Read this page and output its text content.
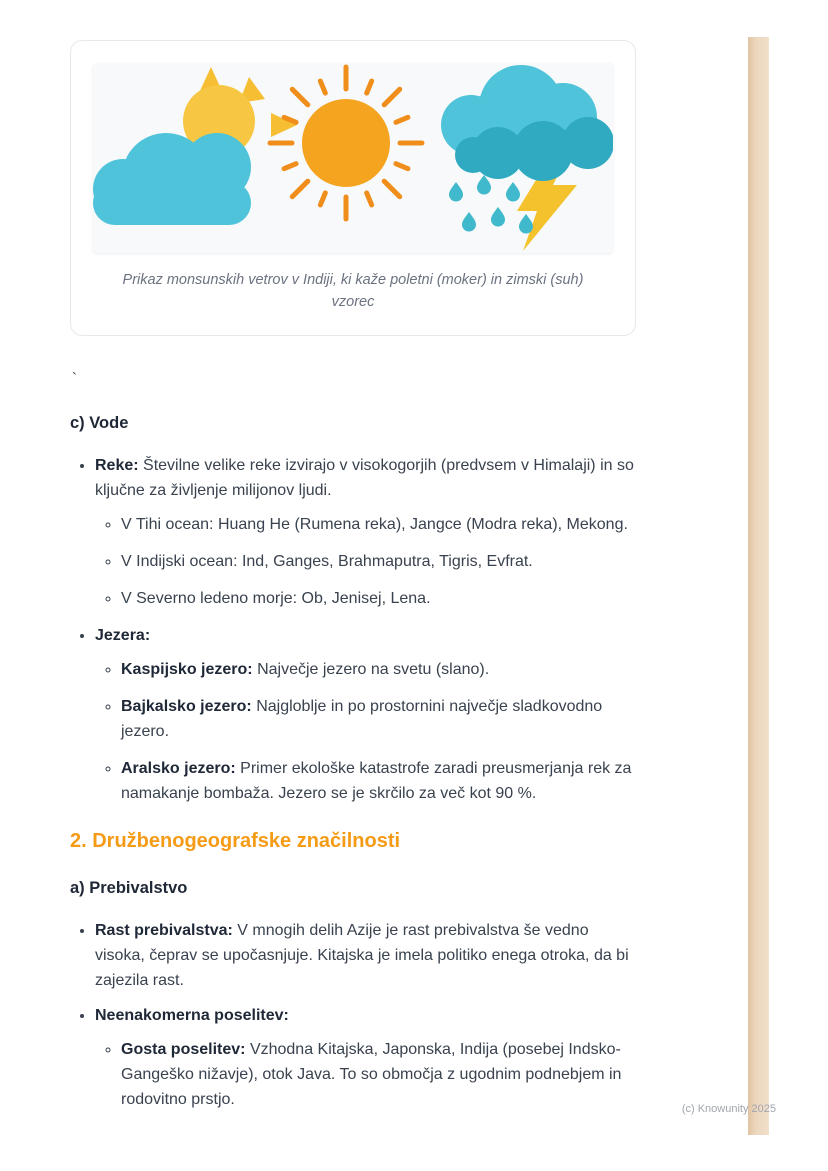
Prikaz monsunskih vetrov v Indiji, ki kaže poletni (moker) in zimski (suh) vzorec
`
c) Vode
• Reke: Številne velike reke izvirajo v visokogorjih (predvsem v Himalaji) in so ključne za življenje milijonov ljudi.
◦ V Tihi ocean: Huang He (Rumena reka), Jangce (Modra reka), Mekong.
◦ V Indijski ocean: Ind, Ganges, Brahmaputra, Tigris, Evfrat.
◦ V Severno ledeno morje: Ob, Jenisej, Lena.
• Jezera:
◦ Kaspijsko jezero: Največje jezero na svetu (slano).
◦ Bajkalsko jezero: Najgloblje in po prostornini največje sladkovodno jezero.
◦ Aralsko jezero: Primer ekološke katastrofe zaradi preusmerjanja rek za namakanje bombaža. Jezero se je skrčilo za več kot 90 %.
2. Družbenogeografske značilnosti
a) Prebivalstvo
• Rast prebivalstva: V mnogih delih Azije je rast prebivalstva še vedno visoka, čeprav se upočasnjuje. Kitajska je imela politiko enega otroka, da bi zajezila rast.
• Neenakomerna poselitev:
◦ Gosta poselitev: Vzhodna Kitajska, Japonska, Indija (posebej Indsko-Gangeško nižavje), otok Java. To so območja z ugodnim podnebjem in rodovitno prstjo.
(c) Knowunity 2025
